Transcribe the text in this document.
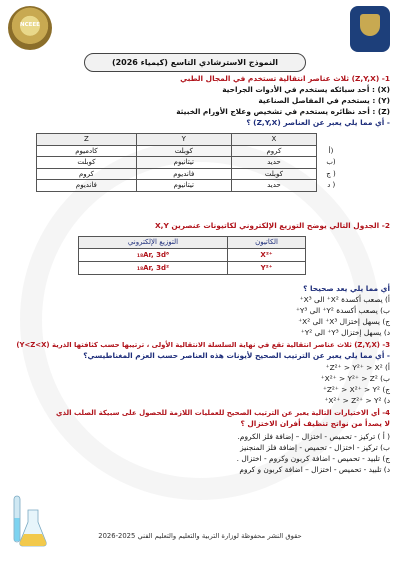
NCEEE
النموذج الاسترشادي التاسع (كيمياء 2026)
1- (Z,Y,X) ثلاث عناصر انتقالية تستخدم في المجال الطبي
(X) : أحد سبائكه يستخدم في الأدوات الجراحية
(Y) : يستخدم في المفاصل الصناعية
(Z) : أحد نظائره يستخدم في تشخيص وعلاج الأورام الخبيثة
- أي مما يلي يعبر عن العناصر (Z,Y,X) ؟
Z	Y	X	
كادميوم	كوبلت	كروم	أ)
كوبلت	تيتانيوم	حديد	ب)
كروم	فانديوم	كوبلت	ج )
فانديوم	تيتانيوم	حديد	د )
2- الجدول التالي يوضح التوزيع الإلكتروني لكاتيونات عنصرين X,Y
التوزيع الإلكتروني	الكاتيون
₁₈Ar, 3d⁶	X²⁺
₁₈Ar, 3d²	Y²⁺
أي مما يلي يعد صحيحا ؟
أ) يصعب أكسدة X²⁺ الى X³⁺
ب) يصعب أكسدة Y²⁺ الى Y³⁺
ج) يسهل إختزال X³⁺ الى X²⁺
د) يسهل إختزال Y³⁺ الى Y²⁺
3- (Z,Y,X) ثلاث عناصر انتقالية تقع في نهاية السلسلة الانتقالية الأولى ، ترتيبها حسب كثافتها الذرية (Y<Z<X)
- أي مما يلي يعبر عن الترتيب الصحيح لأيونات هذه العناصر حسب العزم المغناطيسي؟
أ) Z²⁺ > Y²⁺ > X²⁺
ب) X²⁺ > Y²⁺ > Z²⁺
ج) Z²⁺ > X²⁺ > Y²⁺
د) X²⁺ > Z²⁺ > Y²⁺
4- أي الاختيارات التالية يعبر عن الترتيب الصحيح للعمليات اللازمة للحصول على سبيكة الصلب الذي
لا يصدأ من نواتج تنظيف أفران الاختزال ؟
( أ ) تركيز - تحميص - اختزال – إضافة فلز الكروم.
ب) تركيز - اختزال - تحميص - إضافة فلز المنجنيز
ج) تلبيد - تحميص - اضافة كربون وكروم - اختزال .
د) تلبيد - تحميص - اختزال – اضافة كربون و كروم
حقوق النشر محفوظة لوزارة التربية والتعليم والتعليم الفني 2025-2026
